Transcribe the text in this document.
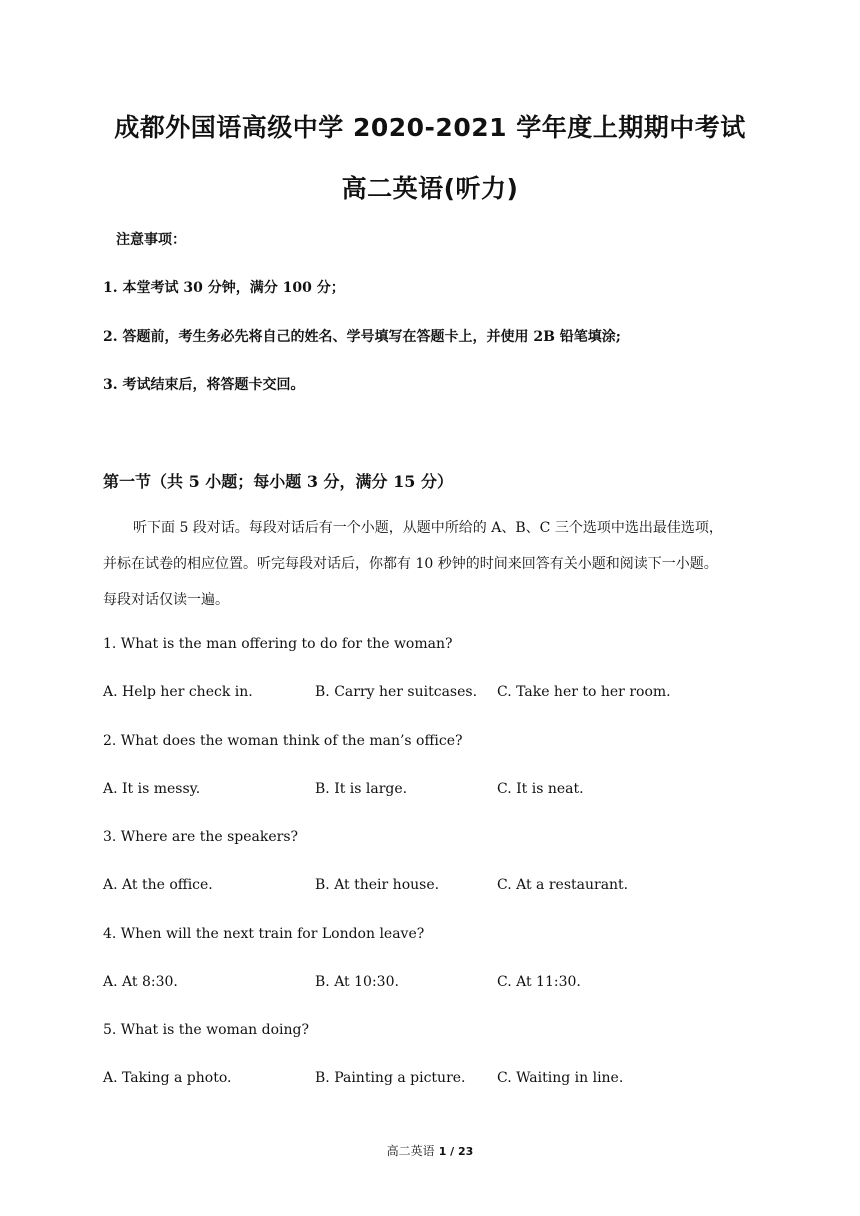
成都外国语高级中学 2020-2021 学年度上期期中考试
高二英语(听力)
注意事项：
1. 本堂考试 30 分钟，满分 100 分；
2. 答题前，考生务必先将自己的姓名、学号填写在答题卡上，并使用 2B 铅笔填涂;
3. 考试结束后，将答题卡交回。
第一节（共 5 小题；每小题 3 分，满分 15 分）
听下面 5 段对话。每段对话后有一个小题，从题中所给的 A、B、C 三个选项中选出最佳选项，
并标在试卷的相应位置。听完每段对话后，你都有 10 秒钟的时间来回答有关小题和阅读下一小题。
每段对话仅读一遍。
1. What is the man offering to do for the woman?
A. Help her check in.	B. Carry her suitcases. C. Take her to her room.
2. What does the woman think of the man’s office?
A. It is messy.	B. It is large.	C. It is neat.
3. Where are the speakers?
A. At the office.	B. At their house.	C. At a restaurant.
4. When will the next train for London leave?
A. At 8:30.	B. At 10:30.	C. At 11:30.
5. What is the woman doing?
A. Taking a photo.	B. Painting a picture. C. Waiting in line.
高二英语 1 / 23
